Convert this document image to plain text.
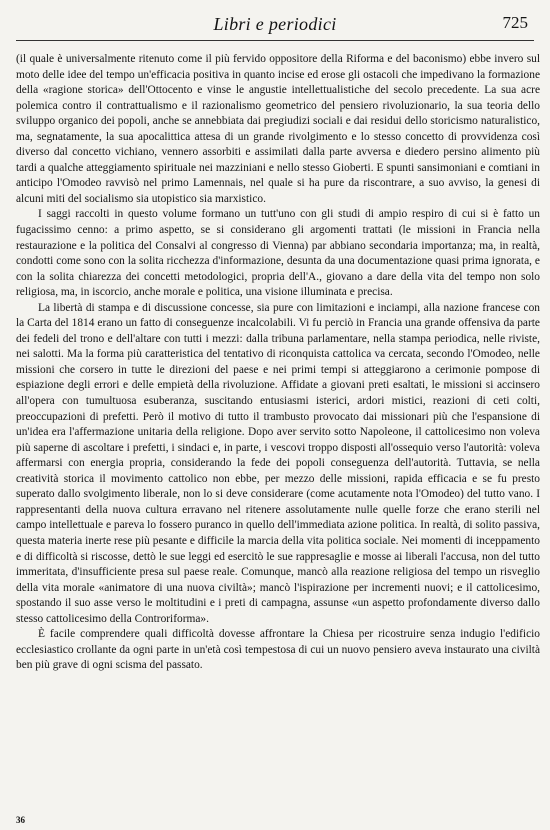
Libri e periodici	725

(il quale è universalmente ritenuto come il più fervido oppositore della Riforma e del baconismo) ebbe invero sul moto delle idee del tempo un'efficacia positiva in quanto incise ed erose gli ostacoli che impedivano la formazione della «ragione storica» dell'Ottocento e vinse le angustie intellettualistiche del secolo precedente. La sua acre polemica contro il contrattualismo e il razionalismo geometrico del pensiero rivoluzionario, la sua teoria dello sviluppo organico dei popoli, anche se annebbiata dai pregiudizi sociali e dai residui dello storicismo naturalistico, ma, segnatamente, la sua apocalittica attesa di un grande rivolgimento e lo stesso concetto di provvidenza così diverso dal concetto vichiano, vennero assorbiti e assimilati dalla parte avversa e diedero persino alimento più tardi a qualche atteggiamento spirituale nei mazziniani e nello stesso Gioberti. E spunti sansimoniani e comtiani in anticipo l'Omodeo ravvisò nel primo Lamennais, nel quale si ha pure da riscontrare, a suo avviso, la genesi di alcuni miti del socialismo sia utopistico sia marxistico.

I saggi raccolti in questo volume formano un tutt'uno con gli studi di ampio respiro di cui si è fatto un fugacissimo cenno: a primo aspetto, se si considerano gli argomenti trattati (le missioni in Francia nella restaurazione e la politica del Consalvi al congresso di Vienna) par abbiano secondaria importanza; ma, in realtà, condotti come sono con la solita ricchezza d'informazione, desunta da una documentazione quasi prima ignorata, e con la solita chiarezza dei concetti metodologici, propria dell'A., giovano a dare della vita del tempo non solo religiosa, ma, in iscorcio, anche morale e politica, una visione illuminata e precisa.

La libertà di stampa e di discussione concesse, sia pure con limitazioni e inciampi, alla nazione francese con la Carta del 1814 erano un fatto di conseguenze incalcolabili. Vi fu perciò in Francia una grande offensiva da parte dei fedeli del trono e dell'altare con tutti i mezzi: dalla tribuna parlamentare, nella stampa periodica, nelle riviste, nei salotti. Ma la forma più caratteristica del tentativo di riconquista cattolica va cercata, secondo l'Omodeo, nelle missioni che corsero in tutte le direzioni del paese e nei primi tempi si atteggiarono a cerimonie pompose di espiazione degli errori e delle empietà della rivoluzione. Affidate a giovani preti esaltati, le missioni si accinsero all'opera con tumultuosa esuberanza, suscitando entusiasmi isterici, ardori mistici, reazioni di ceti colti, preoccupazioni di prefetti. Però il motivo di tutto il trambusto provocato dai missionari più che l'espansione di un'idea era l'affermazione unitaria della religione. Dopo aver servito sotto Napoleone, il cattolicesimo non voleva più saperne di ascoltare i prefetti, i sindaci e, in parte, i vescovi troppo disposti all'ossequio verso l'autorità: voleva affermarsi con energia propria, considerando la fede dei popoli conseguenza dell'autorità. Tuttavia, se nella creatività storica il movimento cattolico non ebbe, per mezzo delle missioni, rapida efficacia e se fu presto superato dallo svolgimento liberale, non lo si deve considerare (come acutamente nota l'Omodeo) del tutto vano. I rappresentanti della nuova cultura erravano nel ritenere assolutamente nulle quelle forze che erano sterili nel campo intellettuale e pareva lo fossero puranco in quello dell'immediata azione politica. In realtà, di solito passiva, questa materia inerte rese più pesante e difficile la marcia della vita politica sociale. Nei momenti di inceppamento e di difficoltà si riscosse, dettò le sue leggi ed esercitò le sue rappresaglie e mosse ai liberali l'accusa, non del tutto immeritata, d'insufficiente presa sul paese reale. Comunque, mancò alla reazione religiosa del tempo un risveglio della vita morale «animatore di una nuova civiltà»; mancò l'ispirazione per incrementi nuovi; e il cattolicesimo, spostando il suo asse verso le moltitudini e i preti di campagna, assunse «un aspetto profondamente diverso dallo stesso cattolicesimo della Controriforma».

È facile comprendere quali difficoltà dovesse affrontare la Chiesa per ricostruire senza indugio l'edificio ecclesiastico crollante da ogni parte in un'età così tempestosa di cui un nuovo pensiero aveva instaurato una civiltà ben più grave di ogni scisma del passato.

36
